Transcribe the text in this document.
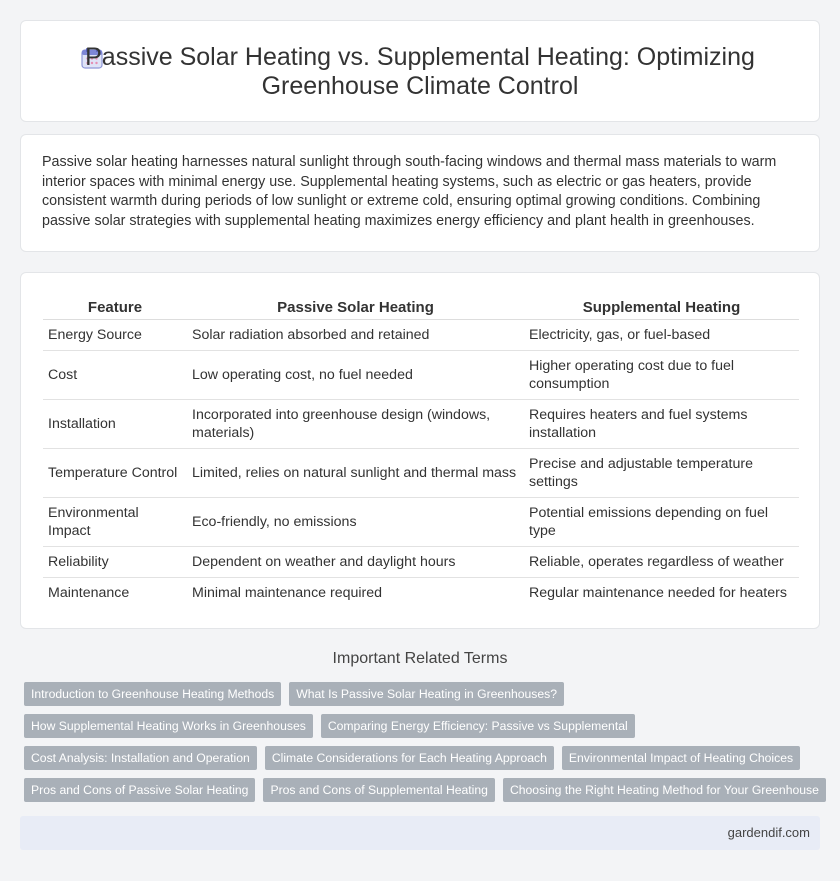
Passive Solar Heating vs. Supplemental Heating: Optimizing Greenhouse Climate Control

Passive solar heating harnesses natural sunlight through south-facing windows and thermal mass materials to warm interior spaces with minimal energy use. Supplemental heating systems, such as electric or gas heaters, provide consistent warmth during periods of low sunlight or extreme cold, ensuring optimal growing conditions. Combining passive solar strategies with supplemental heating maximizes energy efficiency and plant health in greenhouses.

Feature	Passive Solar Heating	Supplemental Heating
Energy Source	Solar radiation absorbed and retained	Electricity, gas, or fuel-based
Cost	Low operating cost, no fuel needed	Higher operating cost due to fuel consumption
Installation	Incorporated into greenhouse design (windows, materials)	Requires heaters and fuel systems installation
Temperature Control	Limited, relies on natural sunlight and thermal mass	Precise and adjustable temperature settings
Environmental Impact	Eco-friendly, no emissions	Potential emissions depending on fuel type
Reliability	Dependent on weather and daylight hours	Reliable, operates regardless of weather
Maintenance	Minimal maintenance required	Regular maintenance needed for heaters
Important Related Terms
Introduction to Greenhouse Heating Methods	What Is Passive Solar Heating in Greenhouses?
How Supplemental Heating Works in Greenhouses	Comparing Energy Efficiency: Passive vs Supplemental
Cost Analysis: Installation and Operation	Climate Considerations for Each Heating Approach	Environmental Impact of Heating Choices
Pros and Cons of Passive Solar Heating	Pros and Cons of Supplemental Heating	Choosing the Right Heating Method for Your Greenhouse
gardendif.com
